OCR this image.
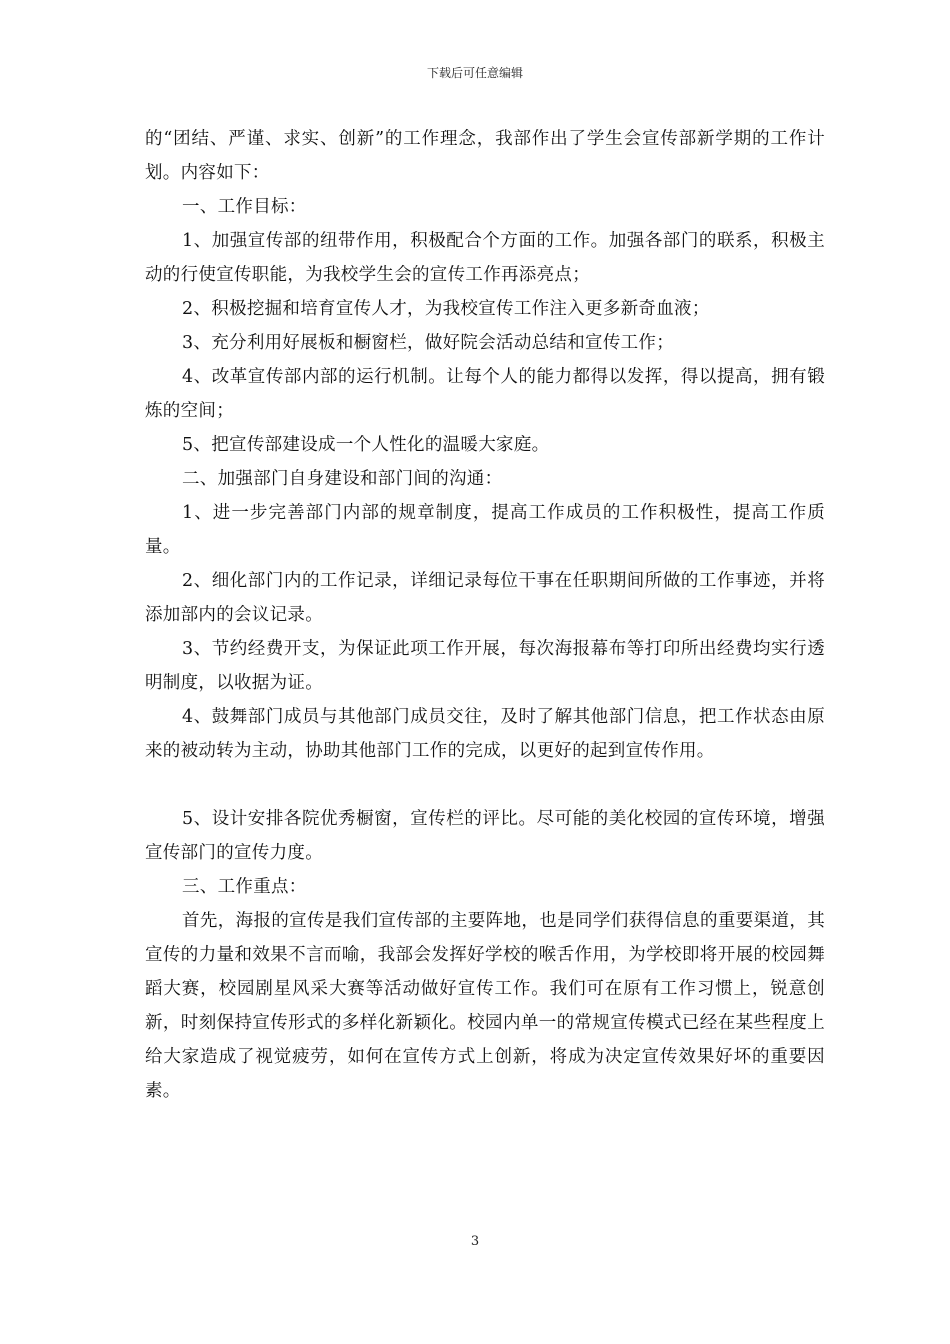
下载后可任意编辑

的“团结、严谨、求实、创新”的工作理念，我部作出了学生会宣传部新学期的工作计划。内容如下：

一、工作目标：

1、加强宣传部的纽带作用，积极配合个方面的工作。加强各部门的联系，积极主动的行使宣传职能，为我校学生会的宣传工作再添亮点；

2、积极挖掘和培育宣传人才，为我校宣传工作注入更多新奇血液；

3、充分利用好展板和橱窗栏，做好院会活动总结和宣传工作；

4、改革宣传部内部的运行机制。让每个人的能力都得以发挥，得以提高，拥有锻炼的空间；

5、把宣传部建设成一个人性化的温暖大家庭。

二、加强部门自身建设和部门间的沟通：

1、进一步完善部门内部的规章制度，提高工作成员的工作积极性，提高工作质量。

2、细化部门内的工作记录，详细记录每位干事在任职期间所做的工作事迹，并将添加部内的会议记录。

3、节约经费开支，为保证此项工作开展，每次海报幕布等打印所出经费均实行透明制度，以收据为证。

4、鼓舞部门成员与其他部门成员交往，及时了解其他部门信息，把工作状态由原来的被动转为主动，协助其他部门工作的完成，以更好的起到宣传作用。

5、设计安排各院优秀橱窗，宣传栏的评比。尽可能的美化校园的宣传环境，增强宣传部门的宣传力度。

三、工作重点：

首先，海报的宣传是我们宣传部的主要阵地，也是同学们获得信息的重要渠道，其宣传的力量和效果不言而喻，我部会发挥好学校的喉舌作用，为学校即将开展的校园舞蹈大赛，校园剧星风采大赛等活动做好宣传工作。我们可在原有工作习惯上，锐意创新，时刻保持宣传形式的多样化新颖化。校园内单一的常规宣传模式已经在某些程度上给大家造成了视觉疲劳，如何在宣传方式上创新，将成为决定宣传效果好坏的重要因素。

3
